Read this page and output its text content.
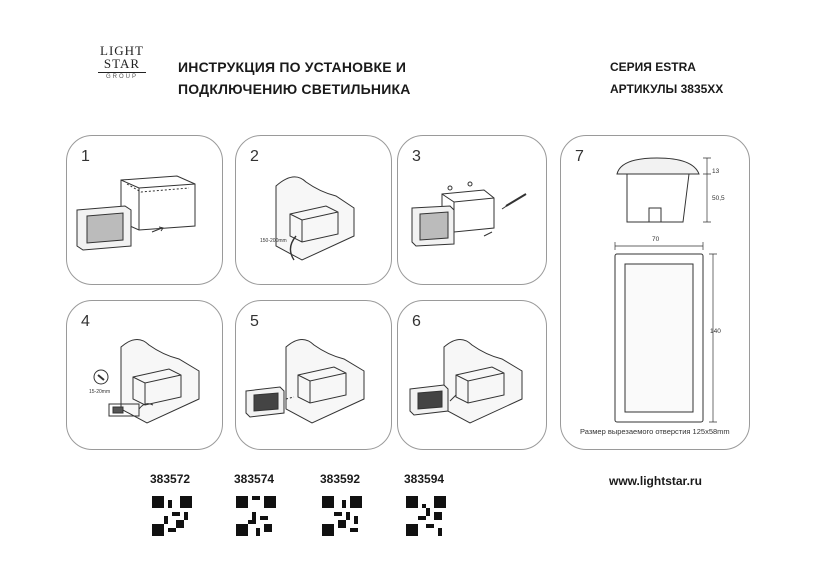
LIGHT
STAR
GROUP
ИНСТРУКЦИЯ ПО УСТАНОВКЕ И
ПОДКЛЮЧЕНИЮ СВЕТИЛЬНИКА
СЕРИЯ ESTRA
АРТИКУЛЫ 3835XX
1	2
150-200mm
3
4
15-20mm
5	6
7
13
50,5
70
140
Размер вырезаемого отверстия 125x58mm
383572	383574	383592	383594	www.lightstar.ru
